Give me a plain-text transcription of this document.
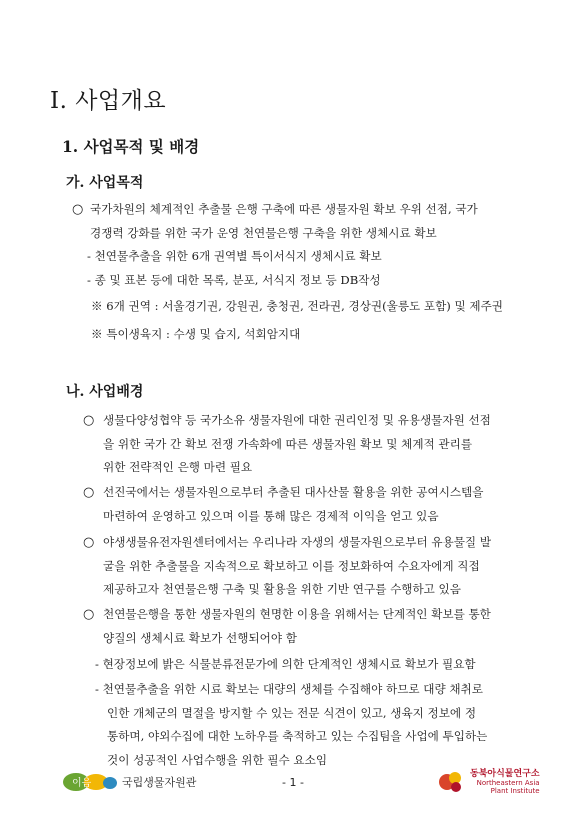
I. 사업개요
1. 사업목적 및 배경
가. 사업목적
○ 국가차원의 체계적인 추출물 은행 구축에 따른 생물자원 확보 우위 선점, 국가
경쟁력 강화를 위한 국가 운영 천연물은행 구축을 위한 생체시료 확보
- 천연물추출을 위한 6개 권역별 특이서식지 생체시료 확보
- 종 및 표본 등에 대한 목록, 분포, 서식지 정보 등 DB작성
※ 6개 권역 : 서울경기권, 강원권, 충청권, 전라권, 경상권(울릉도 포함) 및 제주권
※ 특이생육지 : 수생 및 습지, 석회암지대
나. 사업배경
○ 생물다양성협약 등 국가소유 생물자원에 대한 권리인정 및 유용생물자원 선점
을 위한 국가 간 확보 전쟁 가속화에 따른 생물자원 확보 및 체계적 관리를
위한 전략적인 은행 마련 필요
○ 선진국에서는 생물자원으로부터 추출된 대사산물 활용을 위한 공여시스템을
마련하여 운영하고 있으며 이를 통해 많은 경제적 이익을 얻고 있음
○ 야생생물유전자원센터에서는 우리나라 자생의 생물자원으로부터 유용물질 발
굴을 위한 추출물을 지속적으로 확보하고 이를 정보화하여 수요자에게 직접
제공하고자 천연물은행 구축 및 활용을 위한 기반 연구를 수행하고 있음
○ 천연물은행을 통한 생물자원의 현명한 이용을 위해서는 단계적인 확보를 통한
양질의 생체시료 확보가 선행되어야 함
- 현장정보에 밝은 식물분류전문가에 의한 단계적인 생체시료 확보가 필요함
- 천연물추출을 위한 시료 확보는 대량의 생체를 수집해야 하므로 대량 채취로
인한 개체군의 멸절을 방지할 수 있는 전문 식견이 있고, 생육지 정보에 정
통하며, 야외수집에 대한 노하우를 축적하고 있는 수집팀을 사업에 투입하는
것이 성공적인 사업수행을 위한 필수 요소임
이음	국립생물자원관	- 1 -
동북아식물연구소
Northeastern Asia
Plant Institute
